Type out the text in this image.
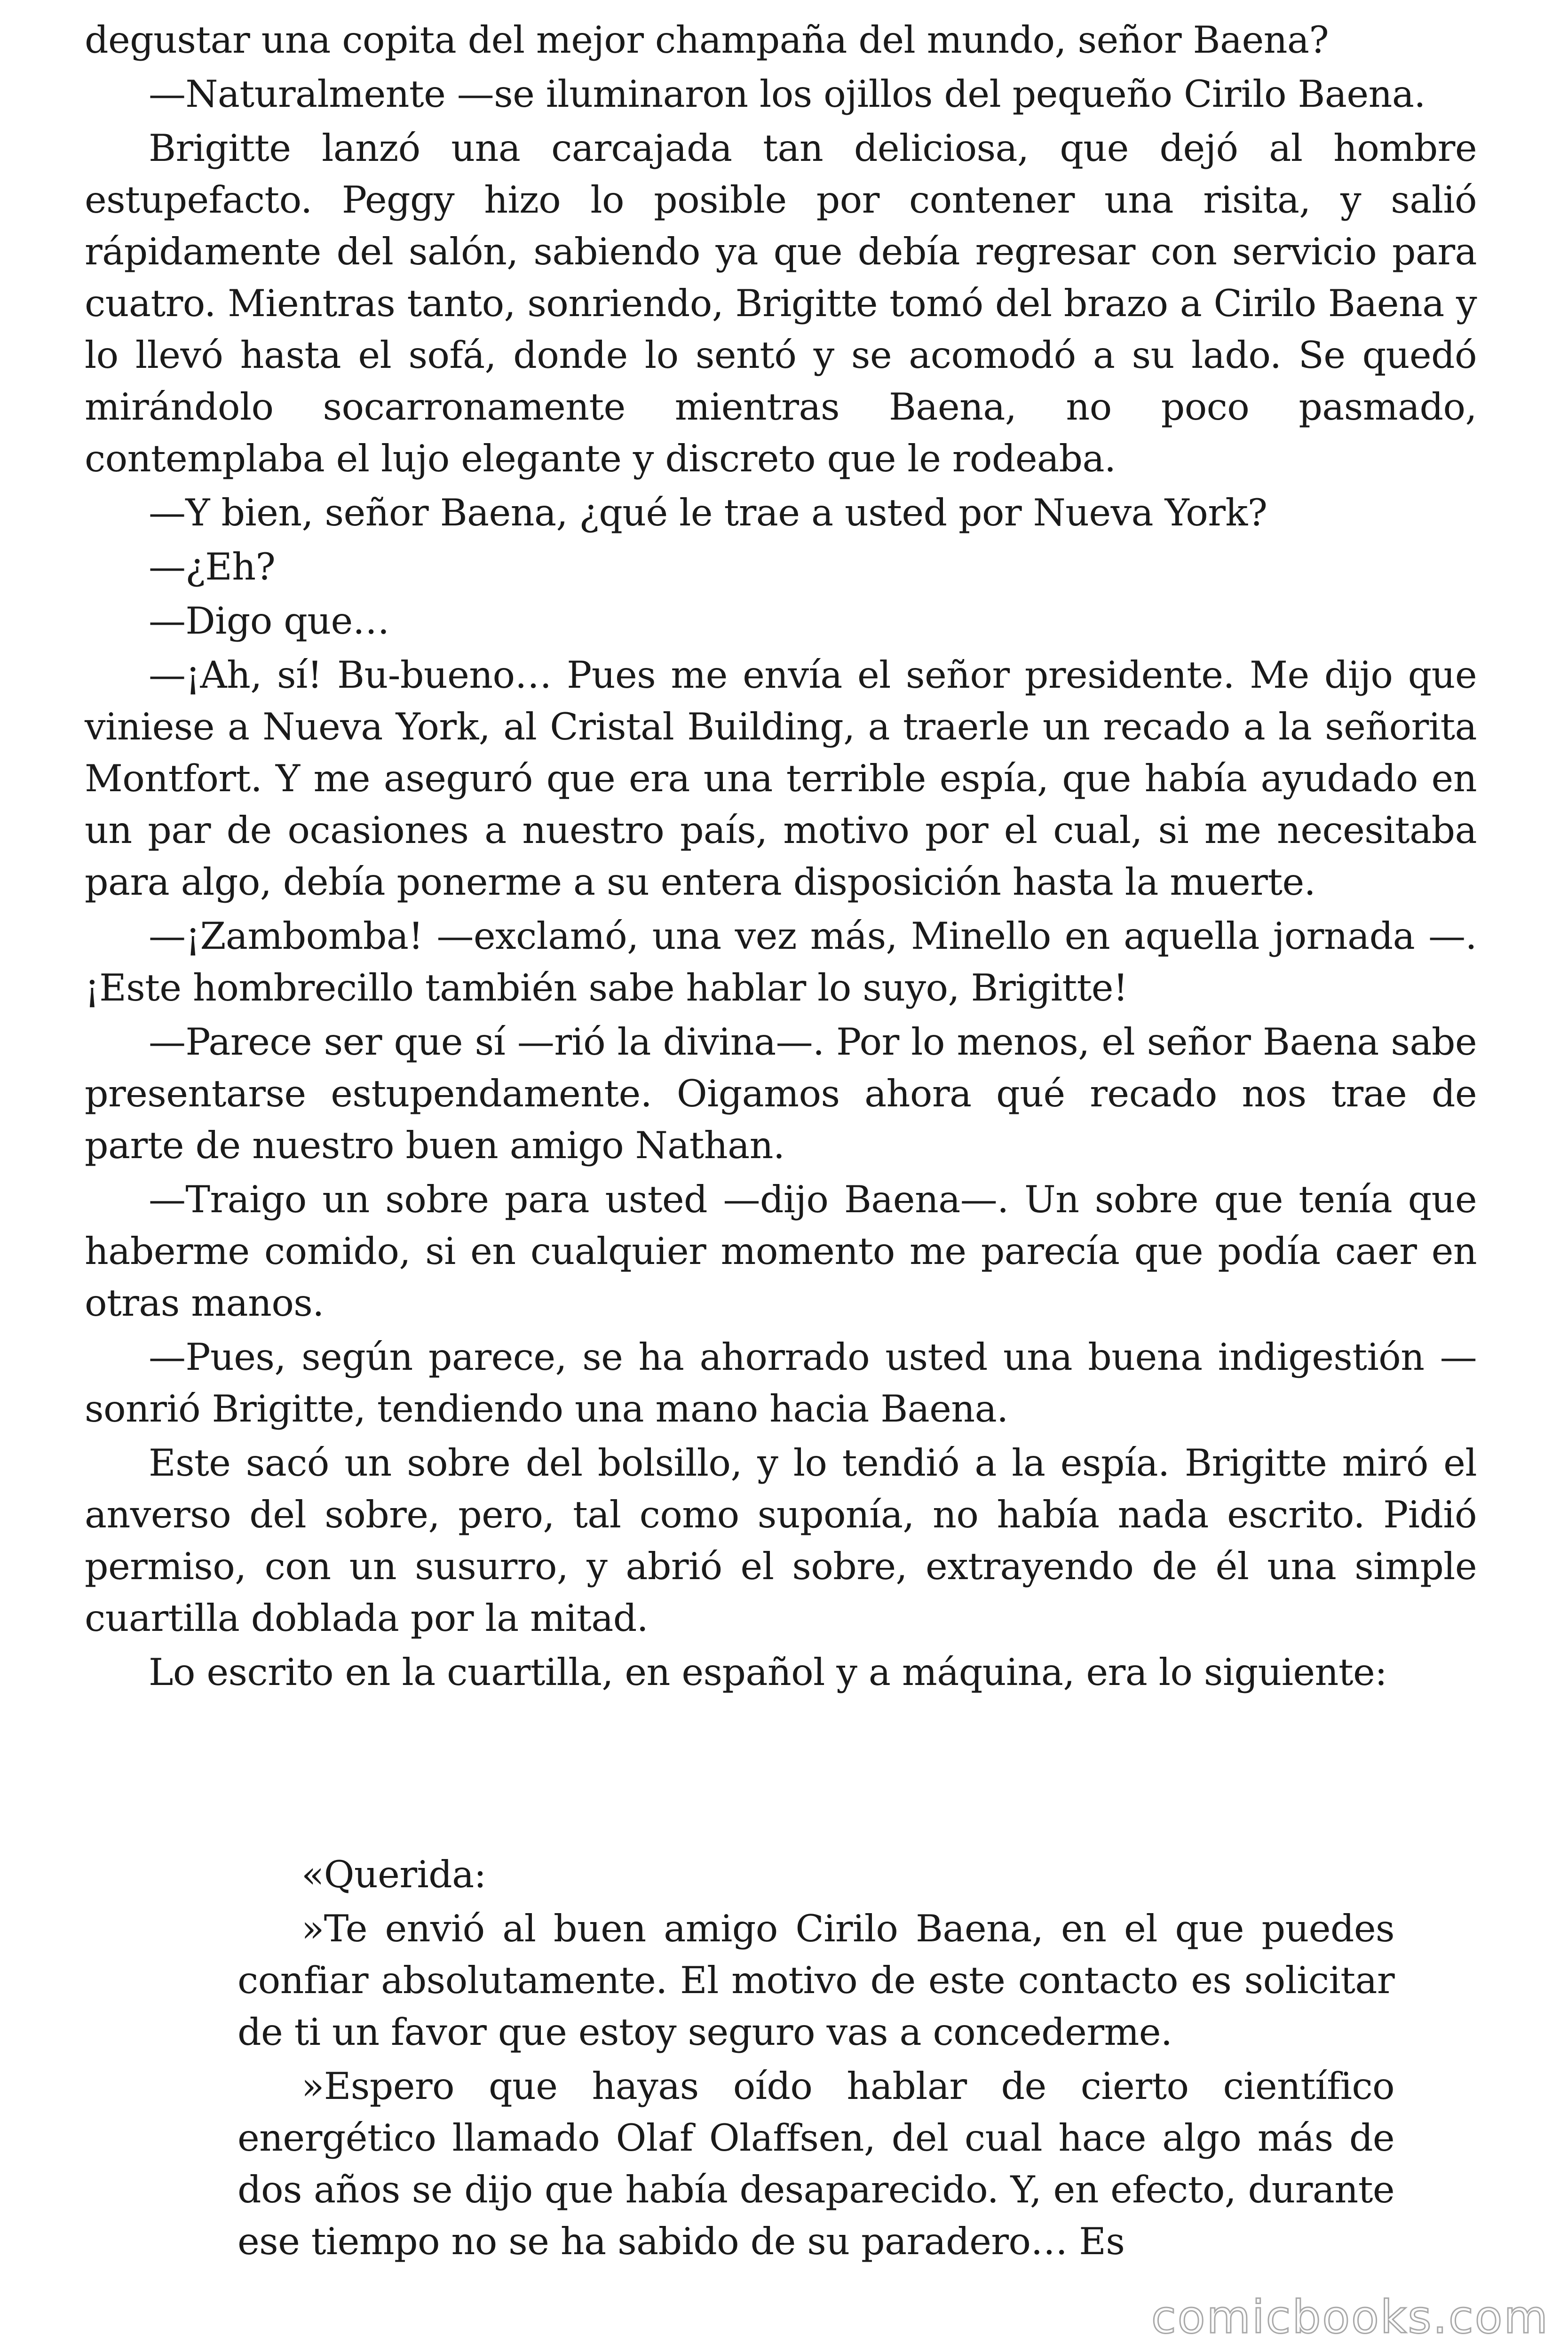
degustar una copita del mejor champaña del mundo, señor Baena?

—Naturalmente —se iluminaron los ojillos del pequeño Cirilo Baena.

Brigitte lanzó una carcajada tan deliciosa, que dejó al hombre estupefacto. Peggy hizo lo posible por contener una risita, y salió rápidamente del salón, sabiendo ya que debía regresar con servicio para cuatro. Mientras tanto, sonriendo, Brigitte tomó del brazo a Cirilo Baena y lo llevó hasta el sofá, donde lo sentó y se acomodó a su lado. Se quedó mirándolo socarronamente mientras Baena, no poco pasmado, contemplaba el lujo elegante y discreto que le rodeaba.

—Y bien, señor Baena, ¿qué le trae a usted por Nueva York?

—¿Eh?

—Digo que…

—¡Ah, sí! Bu-bueno… Pues me envía el señor presidente. Me dijo que viniese a Nueva York, al Cristal Building, a traerle un recado a la señorita Montfort. Y me aseguró que era una terrible espía, que había ayudado en un par de ocasiones a nuestro país, motivo por el cual, si me necesitaba para algo, debía ponerme a su entera disposición hasta la muerte.

—¡Zambomba! —exclamó, una vez más, Minello en aquella jornada —. ¡Este hombrecillo también sabe hablar lo suyo, Brigitte!

—Parece ser que sí —rió la divina—. Por lo menos, el señor Baena sabe presentarse estupendamente. Oigamos ahora qué recado nos trae de parte de nuestro buen amigo Nathan.

—Traigo un sobre para usted —dijo Baena—. Un sobre que tenía que haberme comido, si en cualquier momento me parecía que podía caer en otras manos.

—Pues, según parece, se ha ahorrado usted una buena indigestión —sonrió Brigitte, tendiendo una mano hacia Baena.

Este sacó un sobre del bolsillo, y lo tendió a la espía. Brigitte miró el anverso del sobre, pero, tal como suponía, no había nada escrito. Pidió permiso, con un susurro, y abrió el sobre, extrayendo de él una simple cuartilla doblada por la mitad.

Lo escrito en la cuartilla, en español y a máquina, era lo siguiente:

«Querida:

»Te envió al buen amigo Cirilo Baena, en el que puedes confiar absolutamente. El motivo de este contacto es solicitar de ti un favor que estoy seguro vas a concederme.

»Espero que hayas oído hablar de cierto científico energético llamado Olaf Olaffsen, del cual hace algo más de dos años se dijo que había desaparecido. Y, en efecto, durante ese tiempo no se ha sabido de su paradero… Es

comicbooks.com
